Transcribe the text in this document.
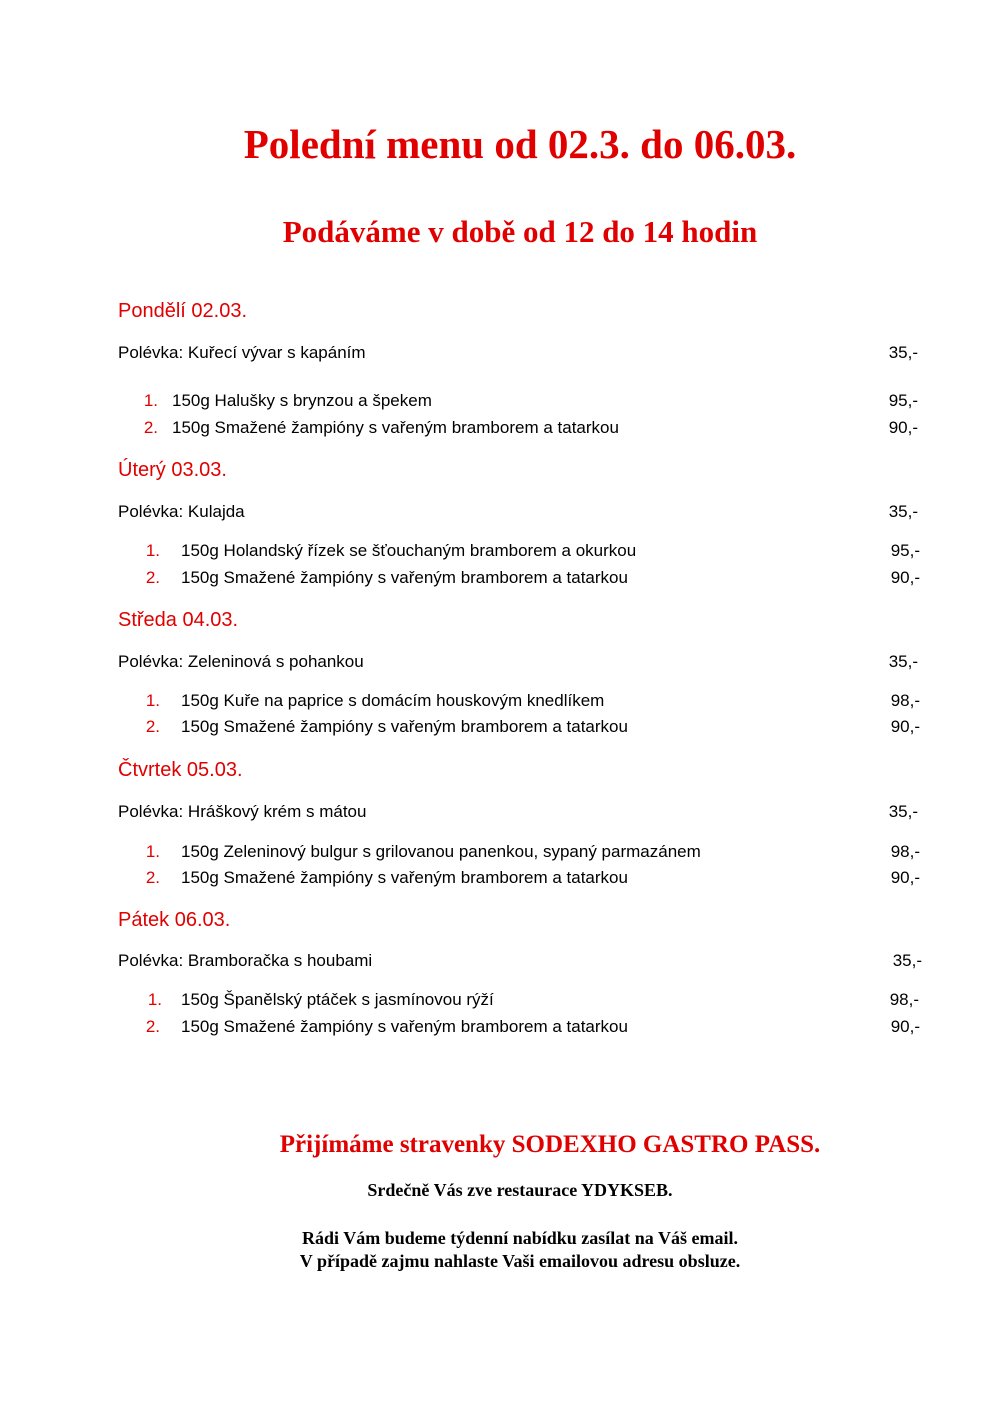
Polední menu od 02.3. do 06.03.
Podáváme v době od 12 do 14 hodin
Pondělí 02.03.
Polévka: Kuřecí vývar s kapáním	35,-
1. 150g Halušky s brynzou a špekem	95,-
2. 150g Smažené žampióny s vařeným bramborem a tatarkou	90,-
Úterý 03.03.
Polévka: Kulajda	35,-
1. 150g Holandský řízek se šťouchaným bramborem a okurkou	95,-
2. 150g Smažené žampióny s vařeným bramborem a tatarkou	90,-
Středa 04.03.
Polévka: Zeleninová s pohankou	35,-
1. 150g Kuře na paprice s domácím houskovým knedlíkem	98,-
2. 150g Smažené žampióny s vařeným bramborem a tatarkou	90,-
Čtvrtek 05.03.
Polévka: Hráškový krém s mátou	35,-
1. 150g Zeleninový bulgur s grilovanou panenkou, sypaný parmazánem	98,-
2. 150g Smažené žampióny s vařeným bramborem a tatarkou	90,-
Pátek 06.03.
Polévka: Bramboračka s houbami	35,-
1. 150g Španělský ptáček s jasmínovou rýží	98,-
2. 150g Smažené žampióny s vařeným bramborem a tatarkou	90,-

Přijímáme stravenky SODEXHO GASTRO PASS.

Srdečně Vás zve restaurace YDYKSEB.

Rádi Vám budeme týdenní nabídku zasílat na Váš email.

V případě zajmu nahlaste Vaši emailovou adresu obsluze.
